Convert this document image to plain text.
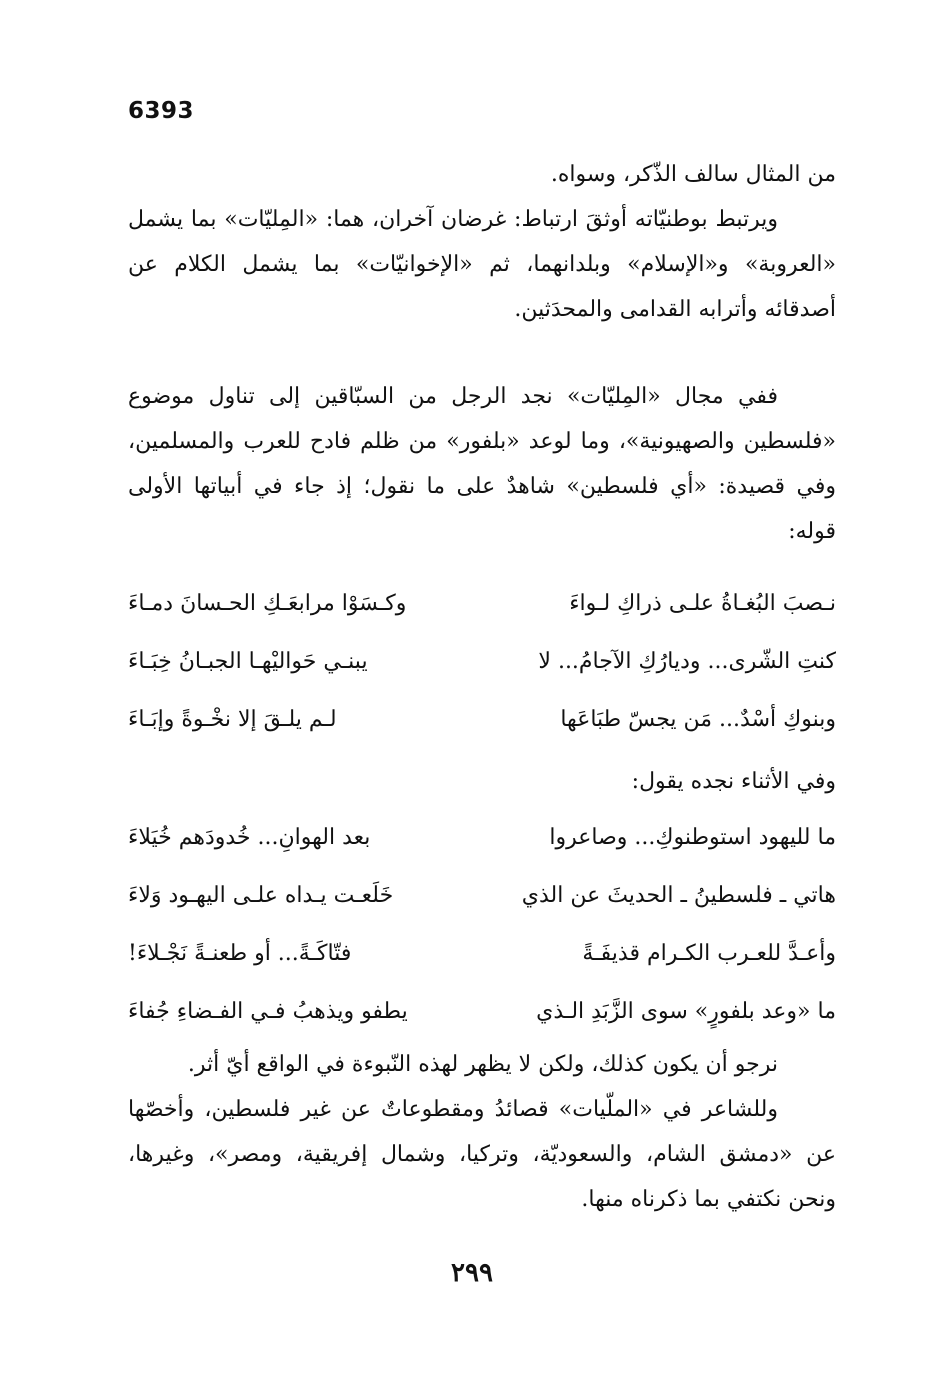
6393

من المثال سالف الذّكر، وسواه.

ويرتبط بوطنيّاته أوثقَ ارتباط: غرضان آخران، هما: «المِليّات» بما يشمل «العروبة» و«الإسلام» وبلدانهما، ثم «الإخوانيّات» بما يشمل الكلام عن أصدقائه وأترابه القدامى والمحدَثين.

ففي مجال «المِليّات» نجد الرجل من السبّاقين إلى تناول موضوع «فلسطين والصهيونية»، وما لوعد «بلفور» من ظلم فادح للعرب والمسلمين، وفي قصيدة: «أي فلسطين» شاهدٌ على ما نقول؛ إذ جاء في أبياتها الأولى قوله:

نـصبَ البُغـاةُ علـى ذراكِ لـواءَ
وكـسَوْا مرابعَـكِ الحـسانَ دمـاءَ
كنتِ الشّرى... وديارُكِ الآجامُ... لا
يبنـي حَواليْهـا الجبـانُ خِبَـاءَ
وبنوكِ أسْدٌ... مَن يجسّ طبَاعَها
لـم يلـقَ إلا نخْـوةً وإبَـاءَ
وفي الأثناء نجده يقول:
ما لليهود استوطنوكِ... وصاعروا
بعد الهوانِ... خُدودَهم خُيَلاءَ
هاتي ـ فلسطينُ ـ الحديثَ عن الذي
خَلَعـت يـداه علـى اليهـود وَلاءَ
وأعـدَّ للعـرب الكـرام قذيفَـةً
فتّاكَـةً... أو طعنـةً نَجْـلاءَ!
ما «وعد بلفورٍ» سوى الزَّبَدِ الـذي
يطفو ويذهبُ فـي الفـضاءِ جُفاءَ

نرجو أن يكون كذلك، ولكن لا يظهر لهذه النّبوءة في الواقع أيّ أثر.

وللشاعر في «الملّيات» قصائدُ ومقطوعاتٌ عن غير فلسطين، وأخصّها عن «دمشق الشام، والسعوديّة، وتركيا، وشمال إفريقية، ومصر»، وغيرها، ونحن نكتفي بما ذكرناه منها.

٢٩٩
